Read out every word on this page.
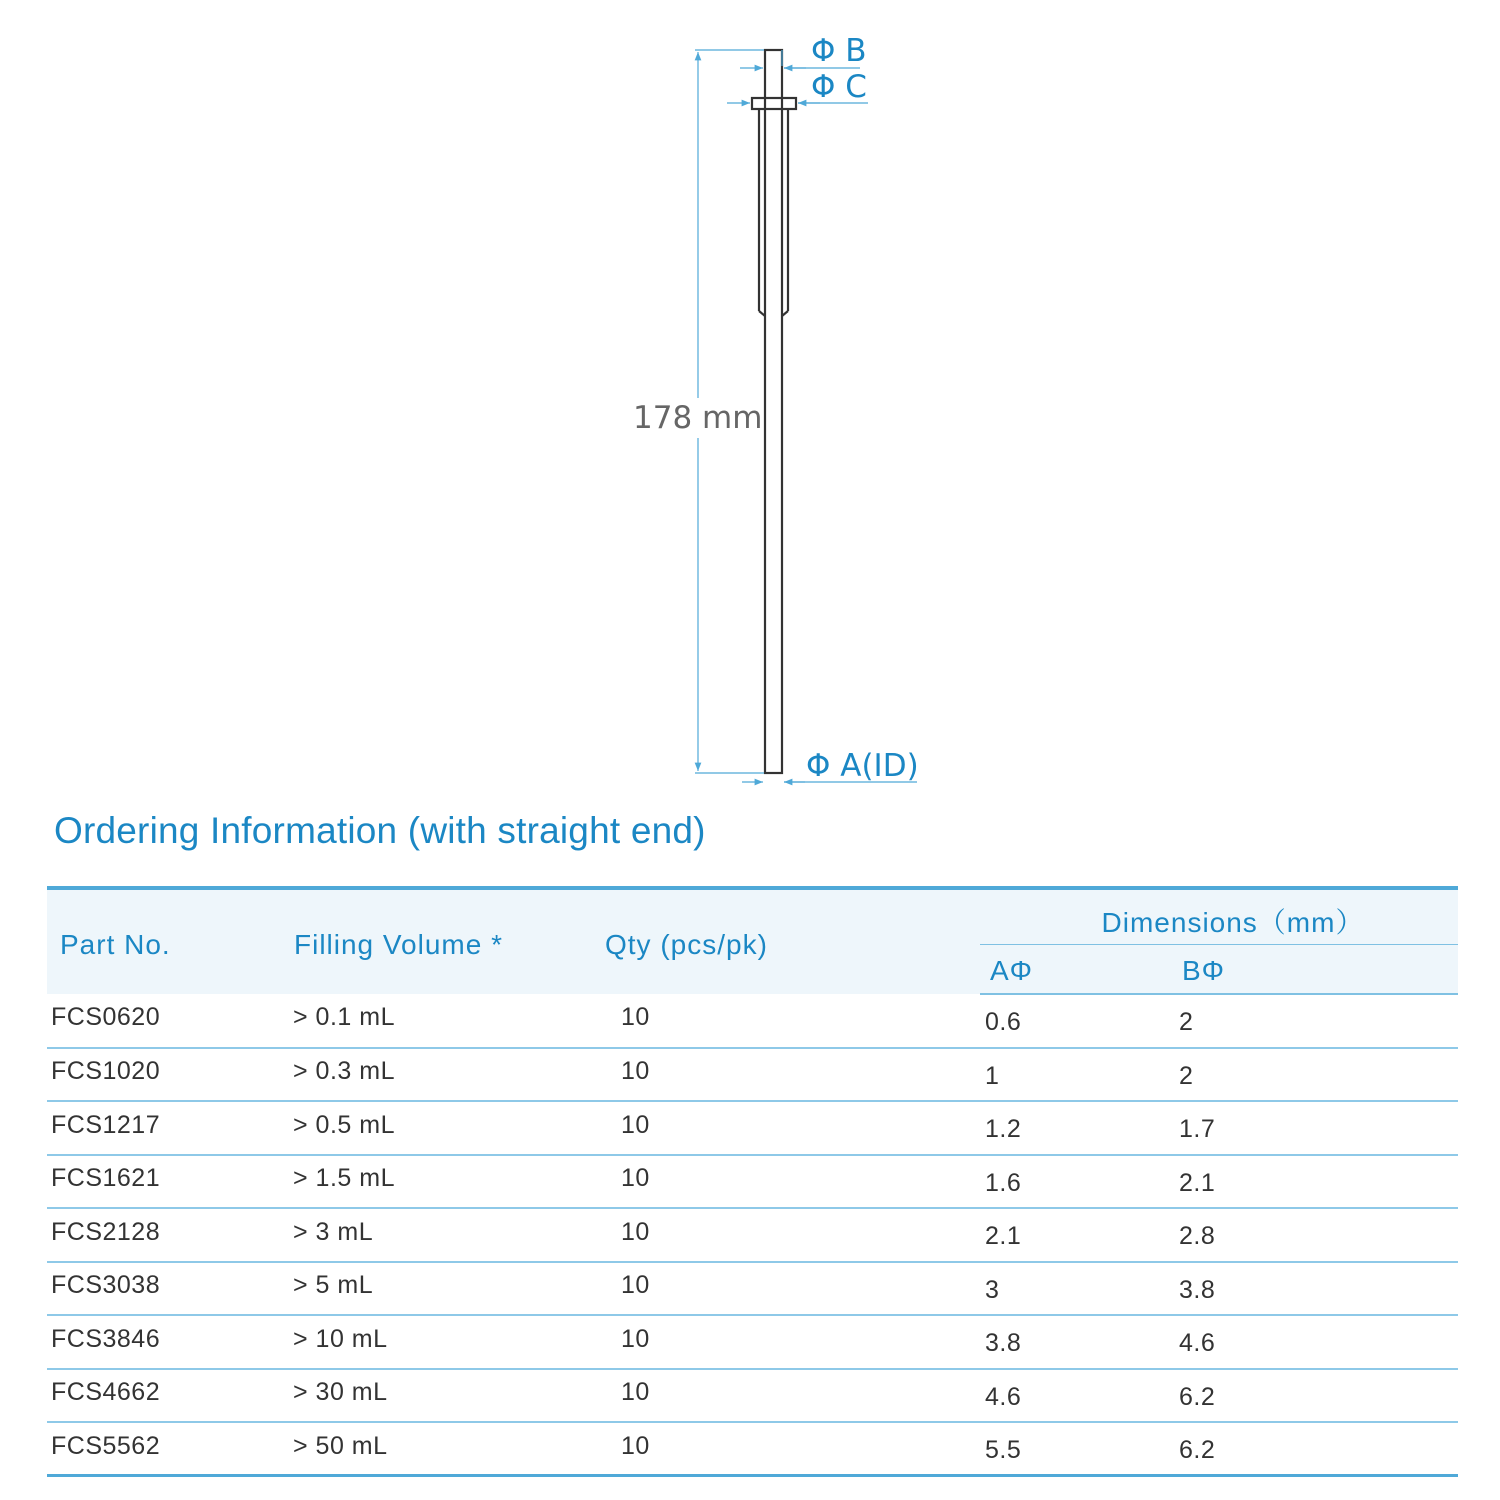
178 mm
Φ B
Φ C
Φ A(ID)
Ordering Information (with straight end)
Part No.	Filling Volume *	Qty (pcs/pk)	Dimensions（mm）	
			AΦ	BΦ
FCS0620	> 0.1 mL	10	0.6	2
FCS1020	> 0.3 mL	10	1	2
FCS1217	> 0.5 mL	10	1.2	1.7
FCS1621	> 1.5 mL	10	1.6	2.1
FCS2128	> 3 mL	10	2.1	2.8
FCS3038	> 5 mL	10	3	3.8
FCS3846	> 10 mL	10	3.8	4.6
FCS4662	> 30 mL	10	4.6	6.2
FCS5562	> 50 mL	10	5.5	6.2
